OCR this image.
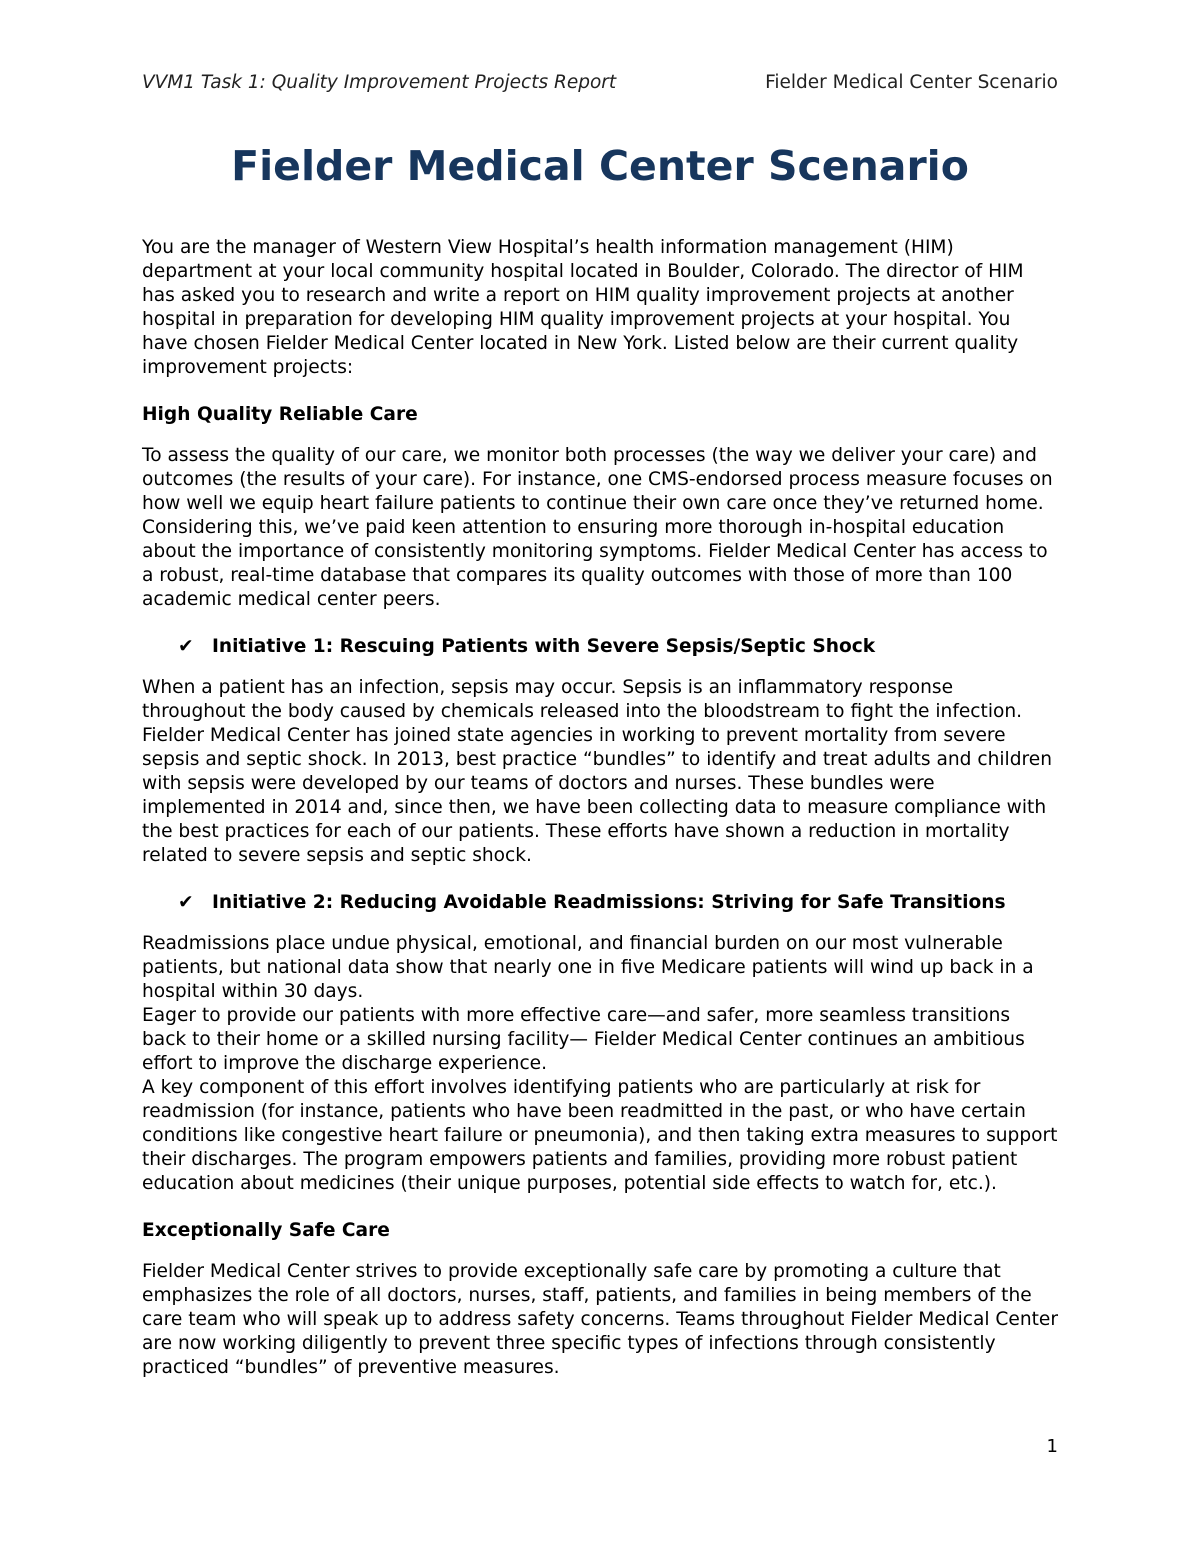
VVM1 Task 1: Quality Improvement Projects Report	Fielder Medical Center Scenario
Fielder Medical Center Scenario

You are the manager of Western View Hospital’s health information management (HIM) department at your local community hospital located in Boulder, Colorado. The director of HIM has asked you to research and write a report on HIM quality improvement projects at another hospital in preparation for developing HIM quality improvement projects at your hospital. You have chosen Fielder Medical Center located in New York. Listed below are their current quality improvement projects:

High Quality Reliable Care

To assess the quality of our care, we monitor both processes (the way we deliver your care) and outcomes (the results of your care). For instance, one CMS-endorsed process measure focuses on how well we equip heart failure patients to continue their own care once they’ve returned home. Considering this, we’ve paid keen attention to ensuring more thorough in-hospital education about the importance of consistently monitoring symptoms. Fielder Medical Center has access to a robust, real-time database that compares its quality outcomes with those of more than 100 academic medical center peers.

✔ Initiative 1: Rescuing Patients with Severe Sepsis/Septic Shock

When a patient has an infection, sepsis may occur. Sepsis is an inflammatory response throughout the body caused by chemicals released into the bloodstream to fight the infection. Fielder Medical Center has joined state agencies in working to prevent mortality from severe sepsis and septic shock. In 2013, best practice “bundles” to identify and treat adults and children with sepsis were developed by our teams of doctors and nurses. These bundles were implemented in 2014 and, since then, we have been collecting data to measure compliance with the best practices for each of our patients. These efforts have shown a reduction in mortality related to severe sepsis and septic shock.

✔ Initiative 2: Reducing Avoidable Readmissions: Striving for Safe Transitions

Readmissions place undue physical, emotional, and financial burden on our most vulnerable patients, but national data show that nearly one in five Medicare patients will wind up back in a hospital within 30 days.

Eager to provide our patients with more effective care—and safer, more seamless transitions back to their home or a skilled nursing facility— Fielder Medical Center continues an ambitious effort to improve the discharge experience.

A key component of this effort involves identifying patients who are particularly at risk for readmission (for instance, patients who have been readmitted in the past, or who have certain conditions like congestive heart failure or pneumonia), and then taking extra measures to support their discharges. The program empowers patients and families, providing more robust patient education about medicines (their unique purposes, potential side effects to watch for, etc.).

Exceptionally Safe Care

Fielder Medical Center strives to provide exceptionally safe care by promoting a culture that emphasizes the role of all doctors, nurses, staff, patients, and families in being members of the care team who will speak up to address safety concerns. Teams throughout Fielder Medical Center are now working diligently to prevent three specific types of infections through consistently practiced “bundles” of preventive measures.

1
